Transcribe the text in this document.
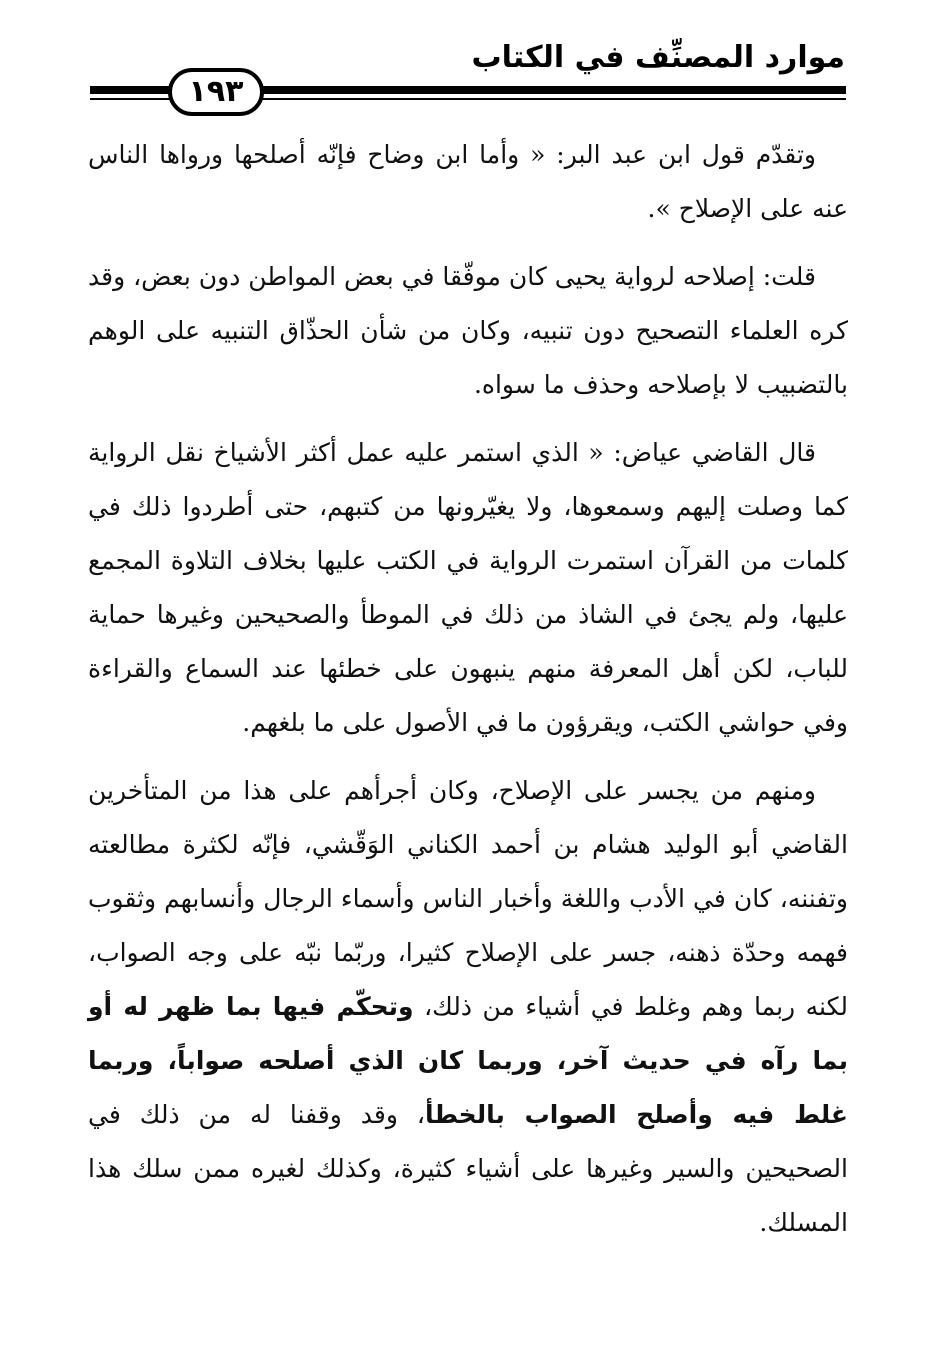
موارد المصنِّف في الكتاب
١٩٣

وتقدّم قول ابن عبد البر: « وأما ابن وضاح فإنّه أصلحها ورواها الناس عنه على الإصلاح ».

قلت: إصلاحه لرواية يحيى كان موفّقا في بعض المواطن دون بعض، وقد كره العلماء التصحيح دون تنبيه، وكان من شأن الحذّاق التنبيه على الوهم بالتضبيب لا بإصلاحه وحذف ما سواه.

قال القاضي عياض: « الذي استمر عليه عمل أكثر الأشياخ نقل الرواية كما وصلت إليهم وسمعوها، ولا يغيّرونها من كتبهم، حتى أطردوا ذلك في كلمات من القرآن استمرت الرواية في الكتب عليها بخلاف التلاوة المجمع عليها، ولم يجئ في الشاذ من ذلك في الموطأ والصحيحين وغيرها حماية للباب، لكن أهل المعرفة منهم ينبهون على خطئها عند السماع والقراءة وفي حواشي الكتب، ويقرؤون ما في الأصول على ما بلغهم.

ومنهم من يجسر على الإصلاح، وكان أجرأهم على هذا من المتأخرين القاضي أبو الوليد هشام بن أحمد الكناني الوَقّشي، فإنّه لكثرة مطالعته وتفننه، كان في الأدب واللغة وأخبار الناس وأسماء الرجال وأنسابهم وثقوب فهمه وحدّة ذهنه، جسر على الإصلاح كثيرا، وربّما نبّه على وجه الصواب، لكنه ربما وهم وغلط في أشياء من ذلك، وتحكّم فيها بما ظهر له أو بما رآه في حديث آخر، وربما كان الذي أصلحه صواباً، وربما غلط فيه وأصلح الصواب بالخطأ، وقد وقفنا له من ذلك في الصحيحين والسير وغيرها على أشياء كثيرة، وكذلك لغيره ممن سلك هذا المسلك.
